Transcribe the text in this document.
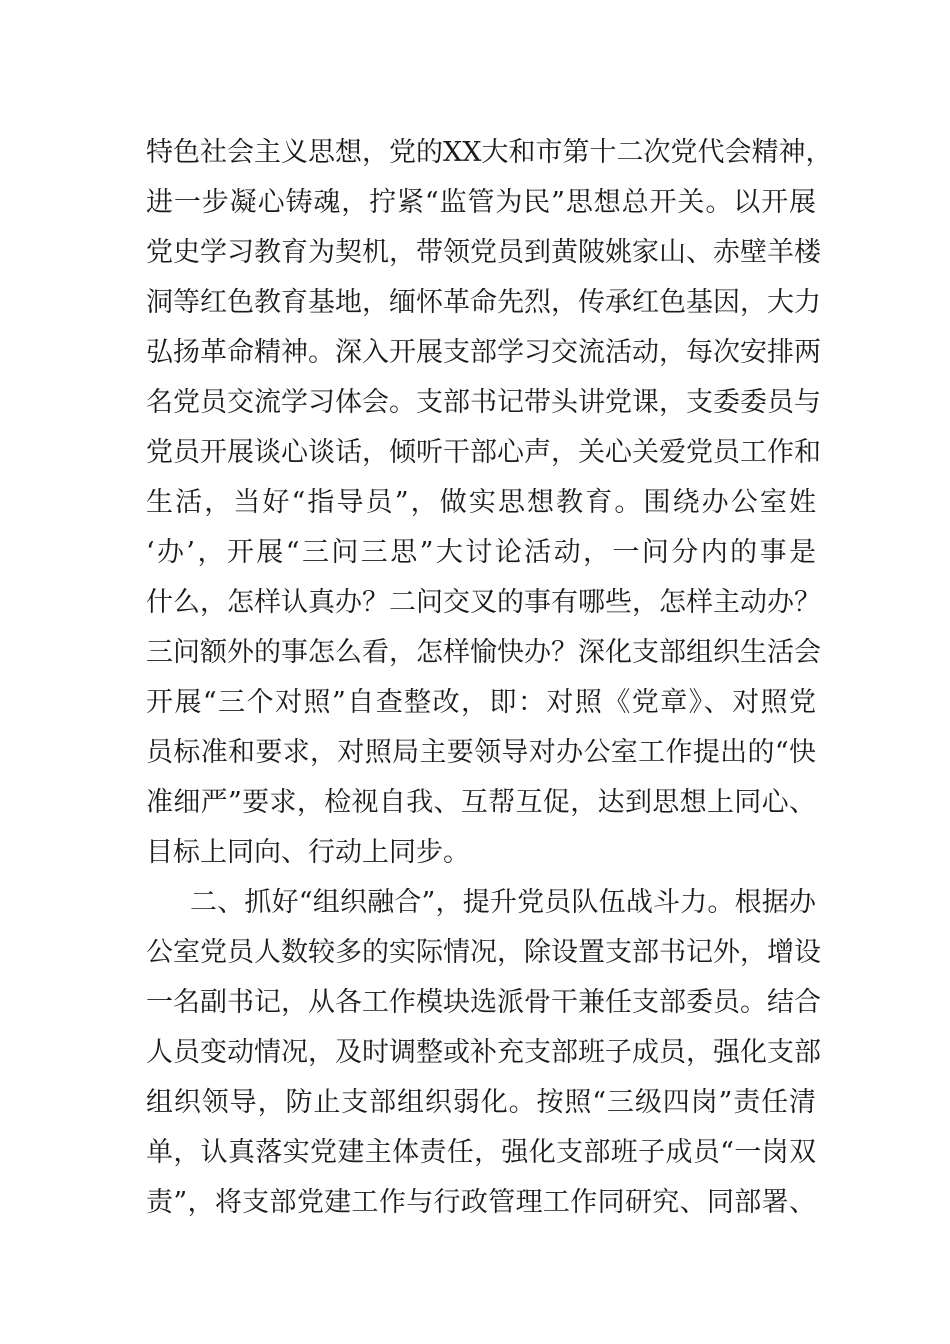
特色社会主义思想，党的XX大和市第十二次党代会精神，
进一步凝心铸魂，拧紧“监管为民”思想总开关。以开展
党史学习教育为契机，带领党员到黄陂姚家山、赤壁羊楼
洞等红色教育基地，缅怀革命先烈，传承红色基因，大力
弘扬革命精神。深入开展支部学习交流活动，每次安排两
名党员交流学习体会。支部书记带头讲党课，支委委员与
党员开展谈心谈话，倾听干部心声，关心关爱党员工作和
生活，当好“指导员”，做实思想教育。围绕办公室姓
‘办’，开展“三问三思”大讨论活动，一问分内的事是
什么，怎样认真办？二问交叉的事有哪些，怎样主动办？
三问额外的事怎么看，怎样愉快办？深化支部组织生活会
开展“三个对照”自查整改，即：对照《党章》、对照党
员标准和要求，对照局主要领导对办公室工作提出的“快
准细严”要求，检视自我、互帮互促，达到思想上同心、
目标上同向、行动上同步。
二、抓好“组织融合”，提升党员队伍战斗力。根据办
公室党员人数较多的实际情况，除设置支部书记外，增设
一名副书记，从各工作模块选派骨干兼任支部委员。结合
人员变动情况，及时调整或补充支部班子成员，强化支部
组织领导，防止支部组织弱化。按照“三级四岗”责任清
单，认真落实党建主体责任，强化支部班子成员“一岗双
责”，将支部党建工作与行政管理工作同研究、同部署、
